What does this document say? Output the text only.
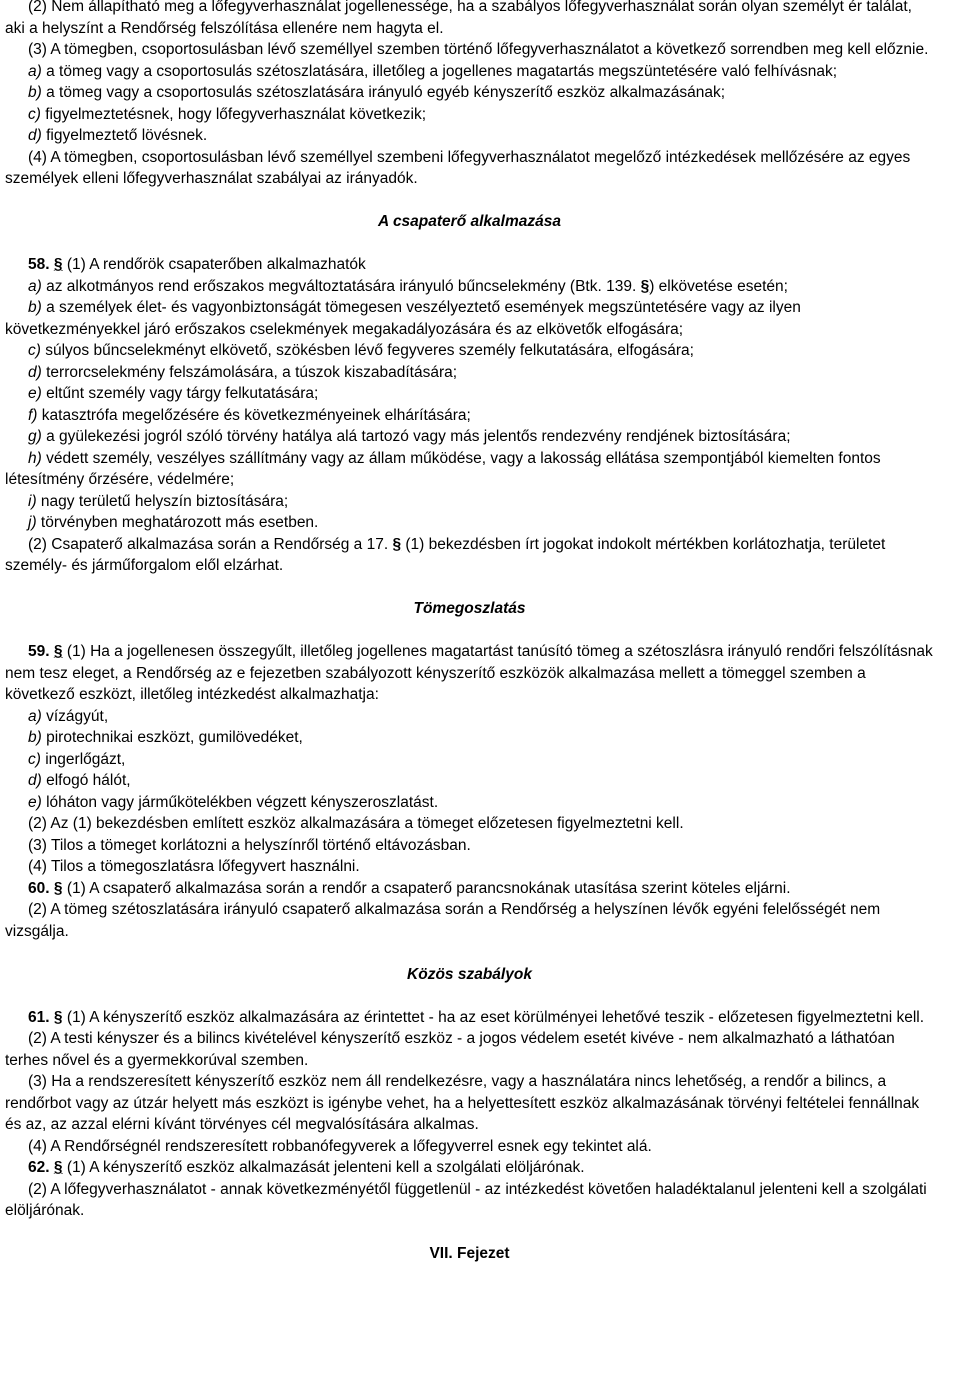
(2) Nem állapítható meg a lőfegyverhasználat jogellenessége, ha a szabályos lőfegyverhasználat során olyan személyt ér találat, aki a helyszínt a Rendőrség felszólítása ellenére nem hagyta el.

(3) A tömegben, csoportosulásban lévő személlyel szemben történő lőfegyverhasználatot a következő sorrendben meg kell előznie.

a) a tömeg vagy a csoportosulás szétoszlatására, illetőleg a jogellenes magatartás megszüntetésére való felhívásnak;

b) a tömeg vagy a csoportosulás szétoszlatására irányuló egyéb kényszerítő eszköz alkalmazásának;

c) figyelmeztetésnek, hogy lőfegyverhasználat következik;

d) figyelmeztető lövésnek.

(4) A tömegben, csoportosulásban lévő személlyel szembeni lőfegyverhasználatot megelőző intézkedések mellőzésére az egyes személyek elleni lőfegyverhasználat szabályai az irányadók.

A csapaterő alkalmazása

58. § (1) A rendőrök csapaterőben alkalmazhatók

a) az alkotmányos rend erőszakos megváltoztatására irányuló bűncselekmény (Btk. 139. §) elkövetése esetén;

b) a személyek élet- és vagyonbiztonságát tömegesen veszélyeztető események megszüntetésére vagy az ilyen következményekkel járó erőszakos cselekmények megakadályozására és az elkövetők elfogására;

c) súlyos bűncselekményt elkövető, szökésben lévő fegyveres személy felkutatására, elfogására;

d) terrorcselekmény felszámolására, a túszok kiszabadítására;

e) eltűnt személy vagy tárgy felkutatására;

f) katasztrófa megelőzésére és következményeinek elhárítására;

g) a gyülekezési jogról szóló törvény hatálya alá tartozó vagy más jelentős rendezvény rendjének biztosítására;

h) védett személy, veszélyes szállítmány vagy az állam működése, vagy a lakosság ellátása szempontjából kiemelten fontos létesítmény őrzésére, védelmére;

i) nagy területű helyszín biztosítására;

j) törvényben meghatározott más esetben.

(2) Csapaterő alkalmazása során a Rendőrség a 17. § (1) bekezdésben írt jogokat indokolt mértékben korlátozhatja, területet személy- és járműforgalom elől elzárhat.

Tömegoszlatás

59. § (1) Ha a jogellenesen összegyűlt, illetőleg jogellenes magatartást tanúsító tömeg a szétoszlásra irányuló rendőri felszólításnak nem tesz eleget, a Rendőrség az e fejezetben szabályozott kényszerítő eszközök alkalmazása mellett a tömeggel szemben a következő eszközt, illetőleg intézkedést alkalmazhatja:

a) vízágyút,

b) pirotechnikai eszközt, gumilövedéket,

c) ingerlőgázt,

d) elfogó hálót,

e) lóháton vagy járműkötelékben végzett kényszeroszlatást.

(2) Az (1) bekezdésben említett eszköz alkalmazására a tömeget előzetesen figyelmeztetni kell.

(3) Tilos a tömeget korlátozni a helyszínről történő eltávozásban.

(4) Tilos a tömegoszlatásra lőfegyvert használni.

60. § (1) A csapaterő alkalmazása során a rendőr a csapaterő parancsnokának utasítása szerint köteles eljárni.

(2) A tömeg szétoszlatására irányuló csapaterő alkalmazása során a Rendőrség a helyszínen lévők egyéni felelősségét nem vizsgálja.

Közös szabályok

61. § (1) A kényszerítő eszköz alkalmazására az érintettet - ha az eset körülményei lehetővé teszik - előzetesen figyelmeztetni kell.

(2) A testi kényszer és a bilincs kivételével kényszerítő eszköz - a jogos védelem esetét kivéve - nem alkalmazható a láthatóan terhes nővel és a gyermekkorúval szemben.

(3) Ha a rendszeresített kényszerítő eszköz nem áll rendelkezésre, vagy a használatára nincs lehetőség, a rendőr a bilincs, a rendőrbot vagy az útzár helyett más eszközt is igénybe vehet, ha a helyettesített eszköz alkalmazásának törvényi feltételei fennállnak és az, az azzal elérni kívánt törvényes cél megvalósítására alkalmas.

(4) A Rendőrségnél rendszeresített robbanófegyverek a lőfegyverrel esnek egy tekintet alá.

62. § (1) A kényszerítő eszköz alkalmazását jelenteni kell a szolgálati elöljárónak.

(2) A lőfegyverhasználatot - annak következményétől függetlenül - az intézkedést követően haladéktalanul jelenteni kell a szolgálati elöljárónak.

VII. Fejezet
